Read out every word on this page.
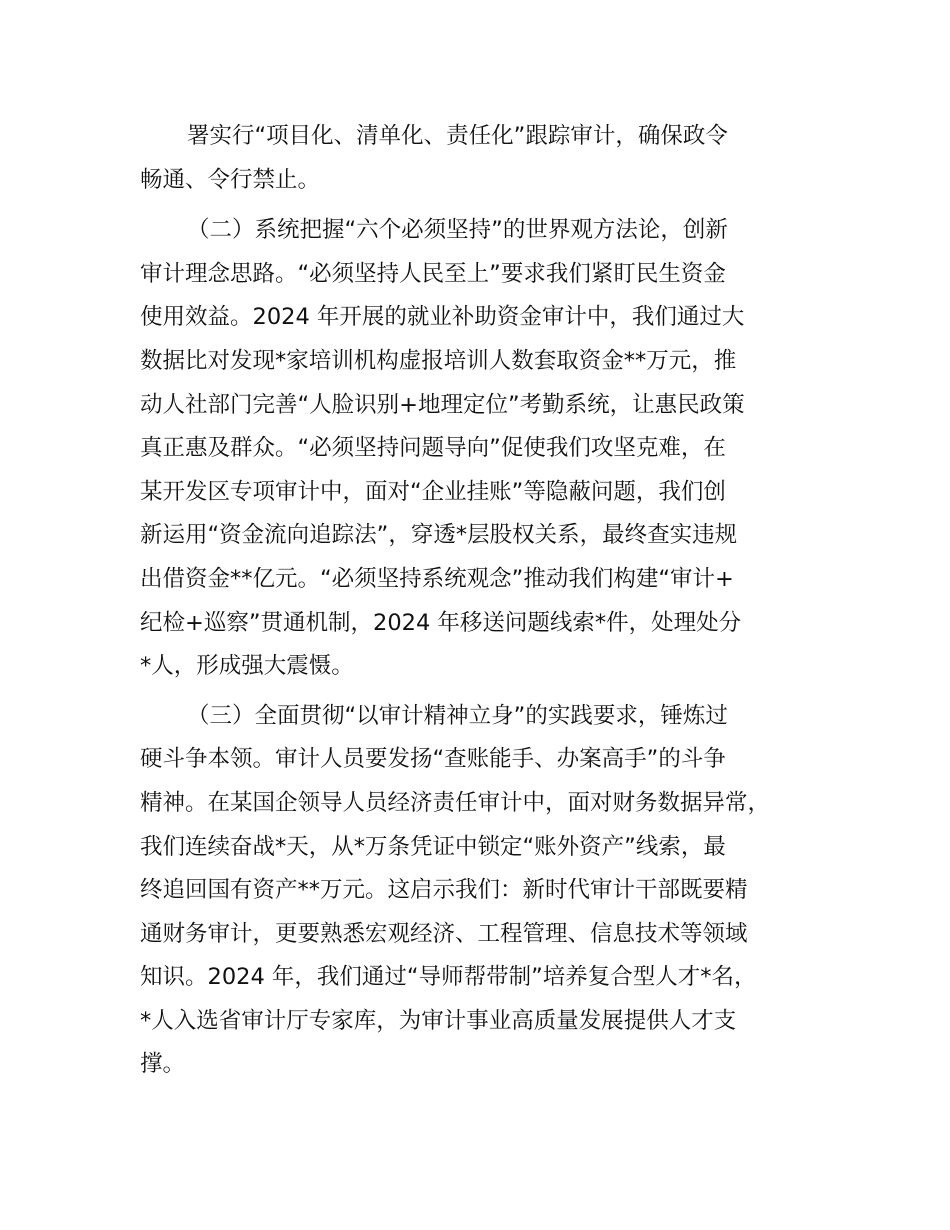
署实行“项目化、清单化、责任化”跟踪审计，确保政令
畅通、令行禁止。

（二）系统把握“六个必须坚持”的世界观方法论，创新
审计理念思路。“必须坚持人民至上”要求我们紧盯民生资金
使用效益。2024 年开展的就业补助资金审计中，我们通过大
数据比对发现*家培训机构虚报培训人数套取资金**万元，推
动人社部门完善“人脸识别+地理定位”考勤系统，让惠民政策
真正惠及群众。“必须坚持问题导向”促使我们攻坚克难，在
某开发区专项审计中，面对“企业挂账”等隐蔽问题，我们创
新运用“资金流向追踪法”，穿透*层股权关系，最终查实违规
出借资金**亿元。“必须坚持系统观念”推动我们构建“审计+
纪检+巡察”贯通机制，2024 年移送问题线索*件，处理处分
*人，形成强大震慑。

（三）全面贯彻“以审计精神立身”的实践要求，锤炼过
硬斗争本领。审计人员要发扬“查账能手、办案高手”的斗争
精神。在某国企领导人员经济责任审计中，面对财务数据异常，
我们连续奋战*天，从*万条凭证中锁定“账外资产”线索，最
终追回国有资产**万元。这启示我们：新时代审计干部既要精
通财务审计，更要熟悉宏观经济、工程管理、信息技术等领域
知识。2024 年，我们通过“导师帮带制”培养复合型人才*名，
*人入选省审计厅专家库，为审计事业高质量发展提供人才支
撑。
